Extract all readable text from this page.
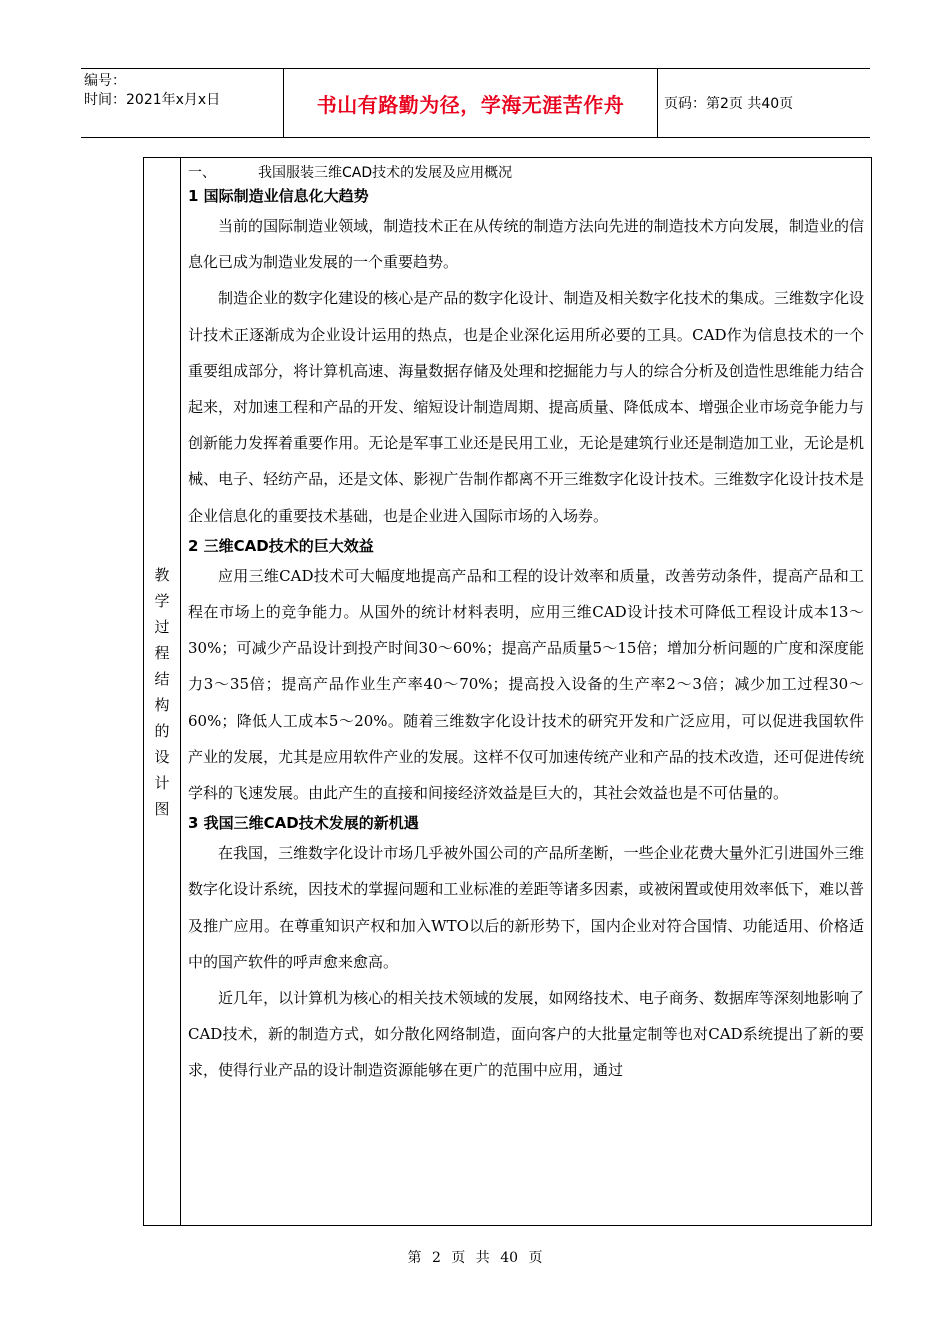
编号：
时间：2021年x月x日	书山有路勤为径，学海无涯苦作舟	页码：第2页 共40页
教学过程结构的设计图

一、	我国服装三维CAD技术的发展及应用概况

1 国际制造业信息化大趋势

当前的国际制造业领域，制造技术正在从传统的制造方法向先进的制造技术方向发展，制造业的信息化已成为制造业发展的一个重要趋势。

制造企业的数字化建设的核心是产品的数字化设计、制造及相关数字化技术的集成。三维数字化设计技术正逐渐成为企业设计运用的热点，也是企业深化运用所必要的工具。CAD作为信息技术的一个重要组成部分，将计算机高速、海量数据存储及处理和挖掘能力与人的综合分析及创造性思维能力结合起来，对加速工程和产品的开发、缩短设计制造周期、提高质量、降低成本、增强企业市场竞争能力与创新能力发挥着重要作用。无论是军事工业还是民用工业，无论是建筑行业还是制造加工业，无论是机械、电子、轻纺产品，还是文体、影视广告制作都离不开三维数字化设计技术。三维数字化设计技术是企业信息化的重要技术基础，也是企业进入国际市场的入场券。

2 三维CAD技术的巨大效益

应用三维CAD技术可大幅度地提高产品和工程的设计效率和质量，改善劳动条件，提高产品和工程在市场上的竞争能力。从国外的统计材料表明，应用三维CAD设计技术可降低工程设计成本13～30%；可减少产品设计到投产时间30～60%；提高产品质量5～15倍；增加分析问题的广度和深度能力3～35倍；提高产品作业生产率40～70%；提高投入设备的生产率2～3倍；减少加工过程30～60%；降低人工成本5～20%。随着三维数字化设计技术的研究开发和广泛应用，可以促进我国软件产业的发展，尤其是应用软件产业的发展。这样不仅可加速传统产业和产品的技术改造，还可促进传统学科的飞速发展。由此产生的直接和间接经济效益是巨大的，其社会效益也是不可估量的。

3 我国三维CAD技术发展的新机遇

在我国，三维数字化设计市场几乎被外国公司的产品所垄断，一些企业花费大量外汇引进国外三维数字化设计系统，因技术的掌握问题和工业标准的差距等诸多因素，或被闲置或使用效率低下，难以普及推广应用。在尊重知识产权和加入WTO以后的新形势下，国内企业对符合国情、功能适用、价格适中的国产软件的呼声愈来愈高。

近几年，以计算机为核心的相关技术领域的发展，如网络技术、电子商务、数据库等深刻地影响了CAD技术，新的制造方式，如分散化网络制造，面向客户的大批量定制等也对CAD系统提出了新的要求，使得行业产品的设计制造资源能够在更广的范围中应用，通过

第 2 页 共 40 页
